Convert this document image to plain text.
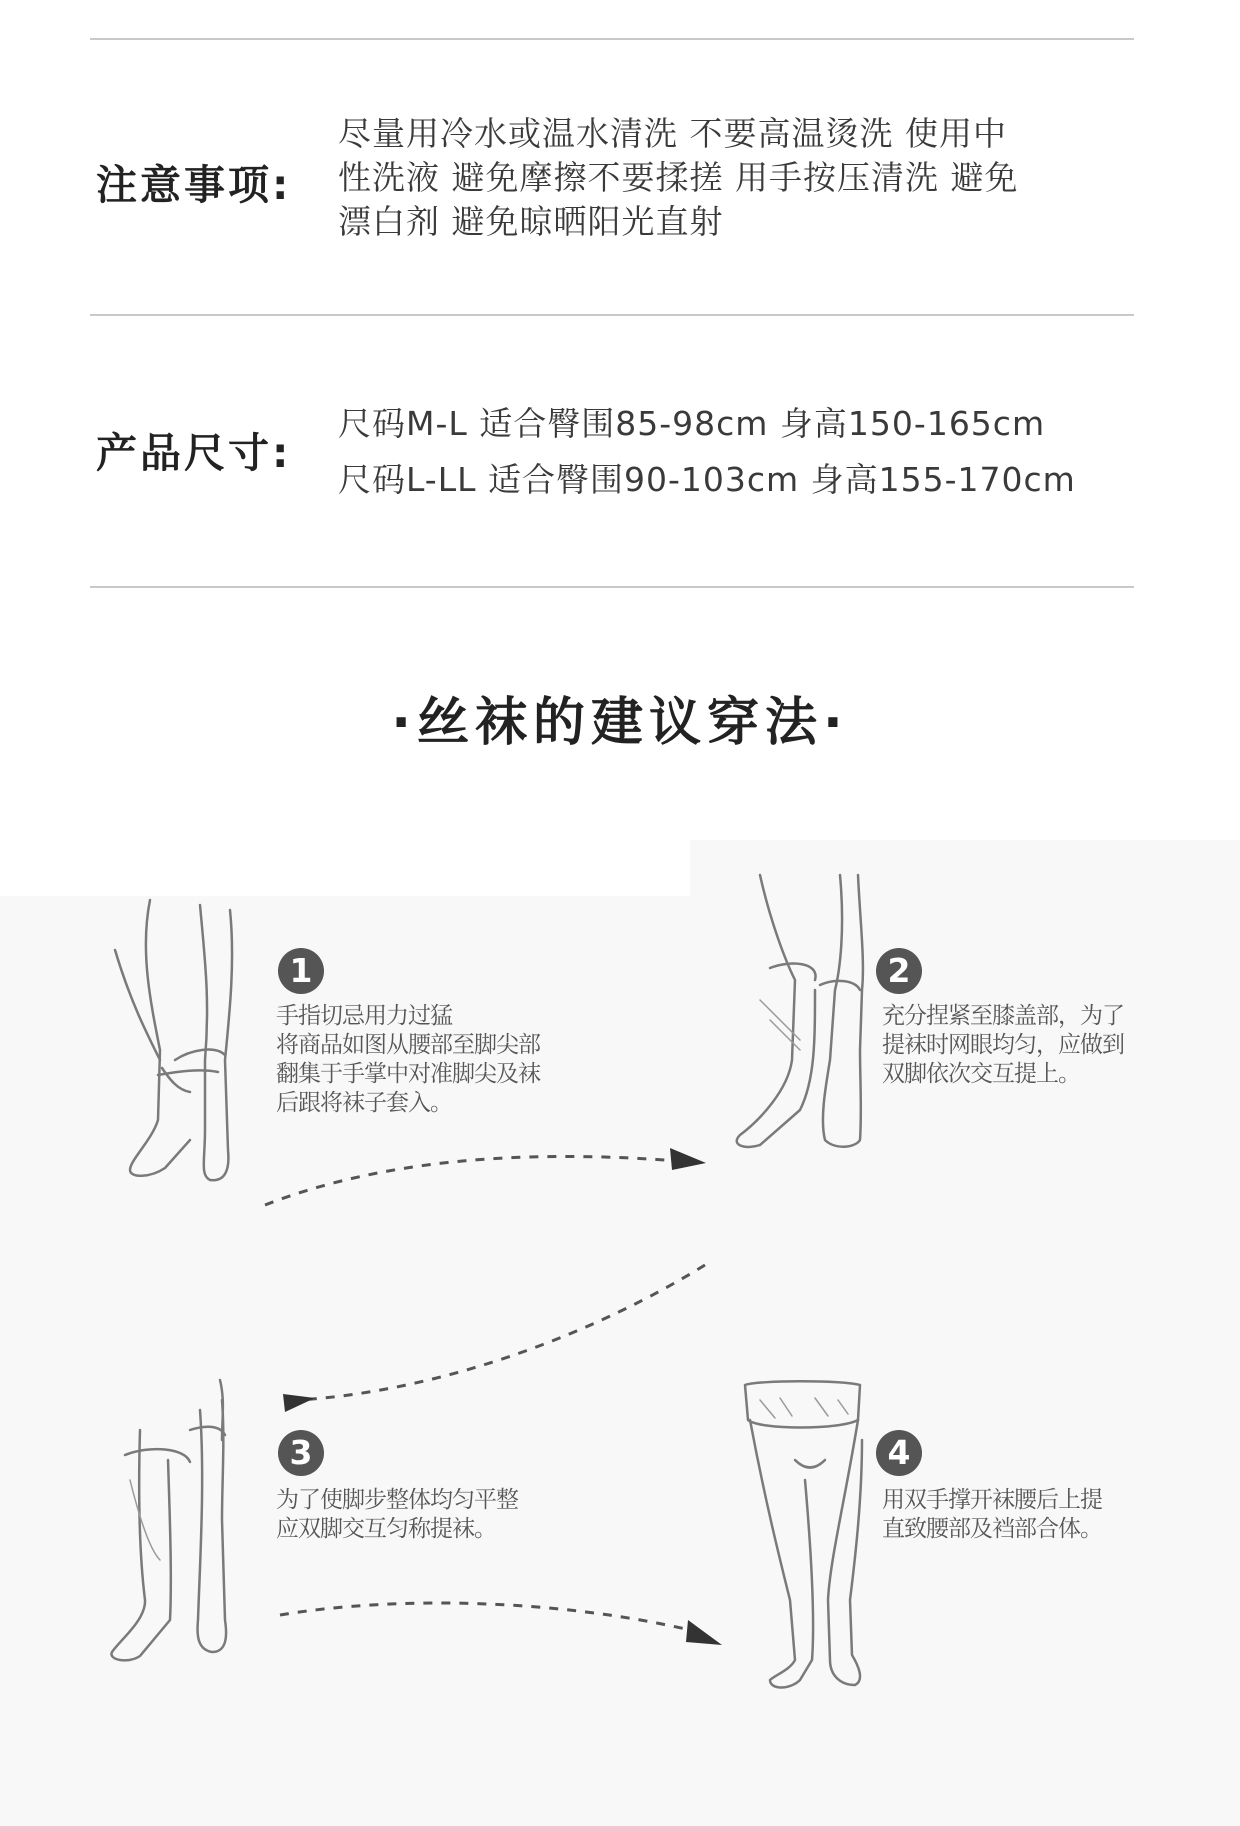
注意事项:
尽量用冷水或温水清洗 不要高温烫洗 使用中
性洗液 避免摩擦不要揉搓 用手按压清洗 避免
漂白剂 避免晾晒阳光直射
产品尺寸:
尺码M-L 适合臀围85-98cm 身高150-165cm
尺码L-LL 适合臀围90-103cm 身高155-170cm
·丝袜的建议穿法·
1
手指切忌用力过猛
将商品如图从腰部至脚尖部
翻集于手掌中对准脚尖及袜
后跟将袜子套入。
2
充分捏紧至膝盖部，为了
提袜时网眼均匀，应做到
双脚依次交互提上。
3
为了使脚步整体均匀平整
应双脚交互匀称提袜。
4
用双手撑开袜腰后上提
直致腰部及裆部合体。
